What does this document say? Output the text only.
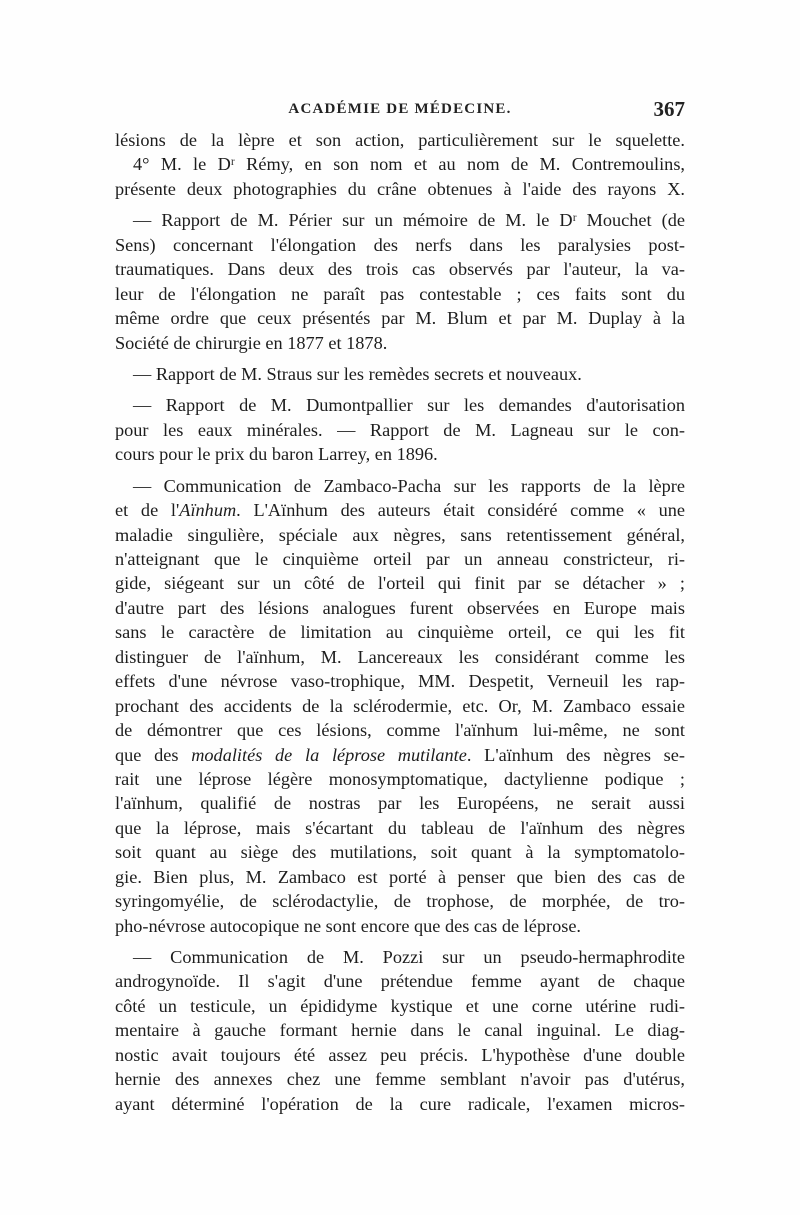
ACADÉMIE DE MÉDECINE.	367
lésions de la lèpre et son action, particulièrement sur le squelette.
4° M. le Dʳ Rémy, en son nom et au nom de M. Contremoulins,
présente deux photographies du crâne obtenues à l'aide des rayons X.
— Rapport de M. Périer sur un mémoire de M. le Dʳ Mouchet (de
Sens) concernant l'élongation des nerfs dans les paralysies post-
traumatiques. Dans deux des trois cas observés par l'auteur, la va-
leur de l'élongation ne paraît pas contestable ; ces faits sont du
même ordre que ceux présentés par M. Blum et par M. Duplay à la
Société de chirurgie en 1877 et 1878.
— Rapport de M. Straus sur les remèdes secrets et nouveaux.
— Rapport de M. Dumontpallier sur les demandes d'autorisation
pour les eaux minérales. — Rapport de M. Lagneau sur le con-
cours pour le prix du baron Larrey, en 1896.
— Communication de Zambaco-Pacha sur les rapports de la lèpre
et de l'Aïnhum. L'Aïnhum des auteurs était considéré comme « une
maladie singulière, spéciale aux nègres, sans retentissement général,
n'atteignant que le cinquième orteil par un anneau constricteur, ri-
gide, siégeant sur un côté de l'orteil qui finit par se détacher » ;
d'autre part des lésions analogues furent observées en Europe mais
sans le caractère de limitation au cinquième orteil, ce qui les fit
distinguer de l'aïnhum, M. Lancereaux les considérant comme les
effets d'une névrose vaso-trophique, MM. Despetit, Verneuil les rap-
prochant des accidents de la sclérodermie, etc. Or, M. Zambaco essaie
de démontrer que ces lésions, comme l'aïnhum lui-même, ne sont
que des modalités de la léprose mutilante. L'aïnhum des nègres se-
rait une léprose légère monosymptomatique, dactylienne podique ;
l'aïnhum, qualifié de nostras par les Européens, ne serait aussi
que la léprose, mais s'écartant du tableau de l'aïnhum des nègres
soit quant au siège des mutilations, soit quant à la symptomatolo-
gie. Bien plus, M. Zambaco est porté à penser que bien des cas de
syringomyélie, de sclérodactylie, de trophose, de morphée, de tro-
pho-névrose autocopique ne sont encore que des cas de léprose.
— Communication de M. Pozzi sur un pseudo-hermaphrodite
androgynoïde. Il s'agit d'une prétendue femme ayant de chaque
côté un testicule, un épididyme kystique et une corne utérine rudi-
mentaire à gauche formant hernie dans le canal inguinal. Le diag-
nostic avait toujours été assez peu précis. L'hypothèse d'une double
hernie des annexes chez une femme semblant n'avoir pas d'utérus,
ayant déterminé l'opération de la cure radicale, l'examen micros-
